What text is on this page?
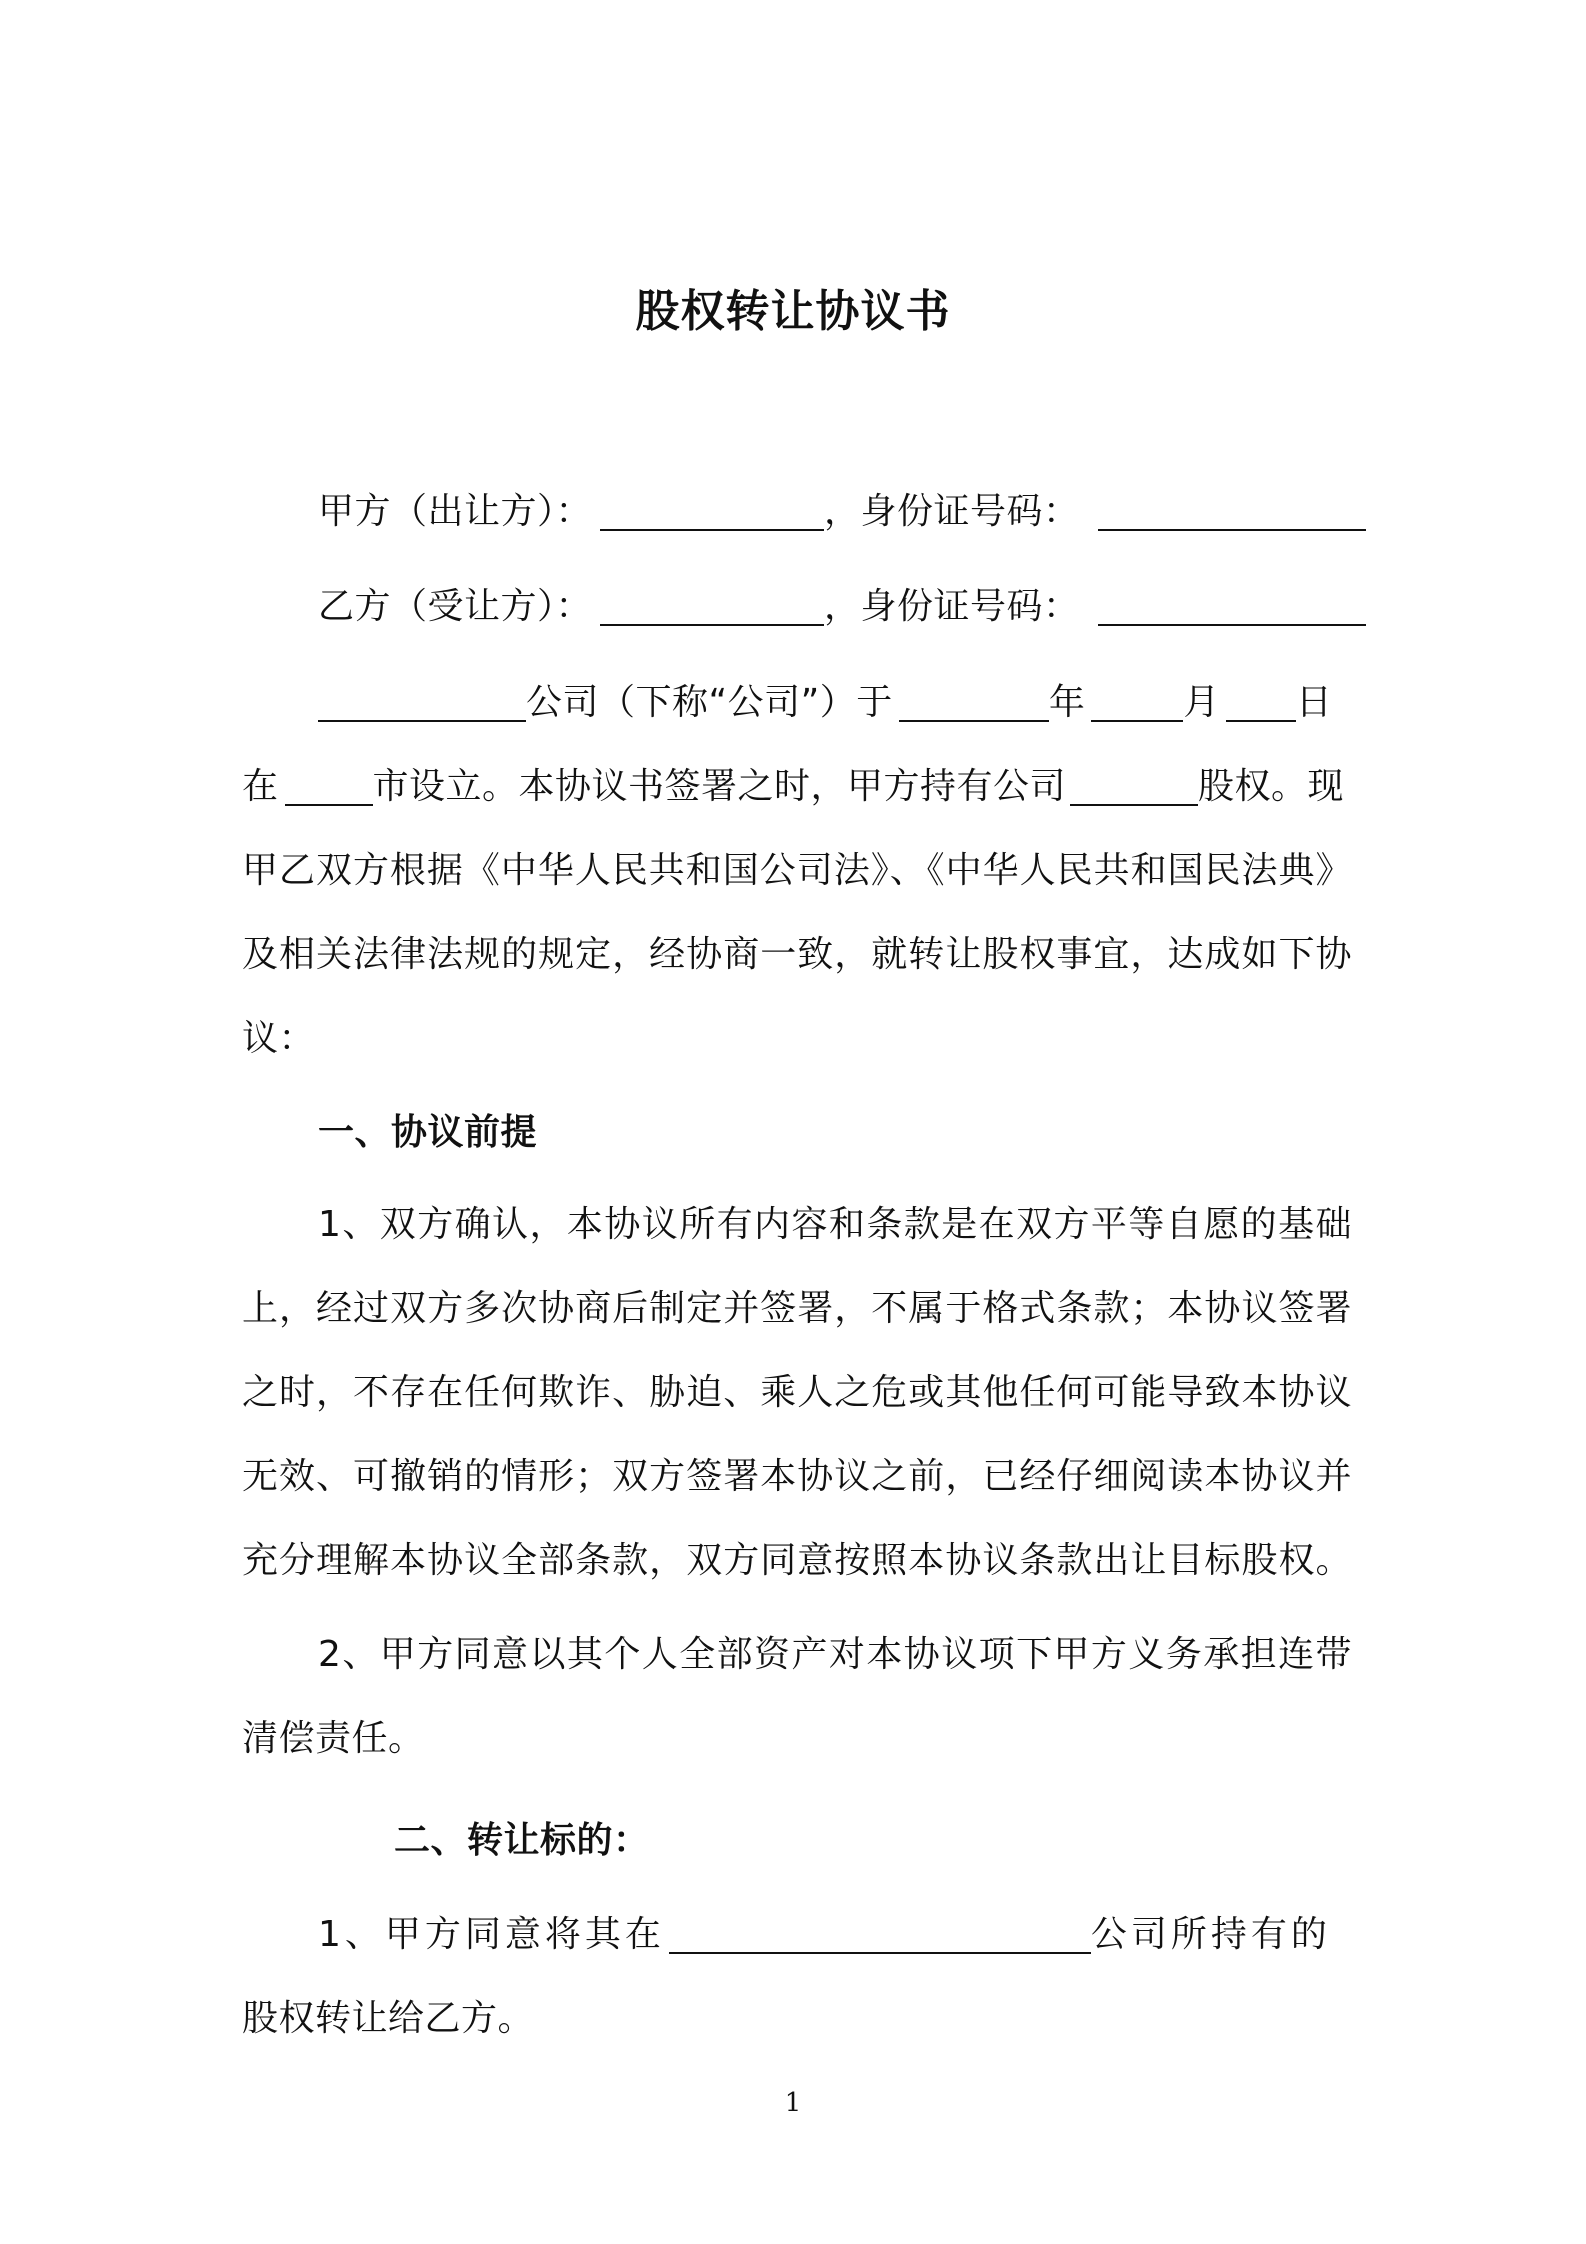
股权转让协议书
甲方（出让方）：	，身份证号码：
乙方（受让方）：	，身份证号码：
公司（下称“公司”）于	年	月 日
在	市设立。本协议书签署之时，甲方持有公司	股权。现
甲乙双方根据《中华人民共和国公司法》、《中华人民共和国民法典》
及相关法律法规的规定，经协商一致，就转让股权事宜，达成如下协
议：
一、协议前提
1、双方确认，本协议所有内容和条款是在双方平等自愿的基础
上，经过双方多次协商后制定并签署，不属于格式条款；本协议签署
之时，不存在任何欺诈、胁迫、乘人之危或其他任何可能导致本协议
无效、可撤销的情形；双方签署本协议之前，已经仔细阅读本协议并
充分理解本协议全部条款，双方同意按照本协议条款出让目标股权。
2、甲方同意以其个人全部资产对本协议项下甲方义务承担连带
清偿责任。
二、转让标的：
1、甲方同意将其在	公司所持有的
股权转让给乙方。
1
